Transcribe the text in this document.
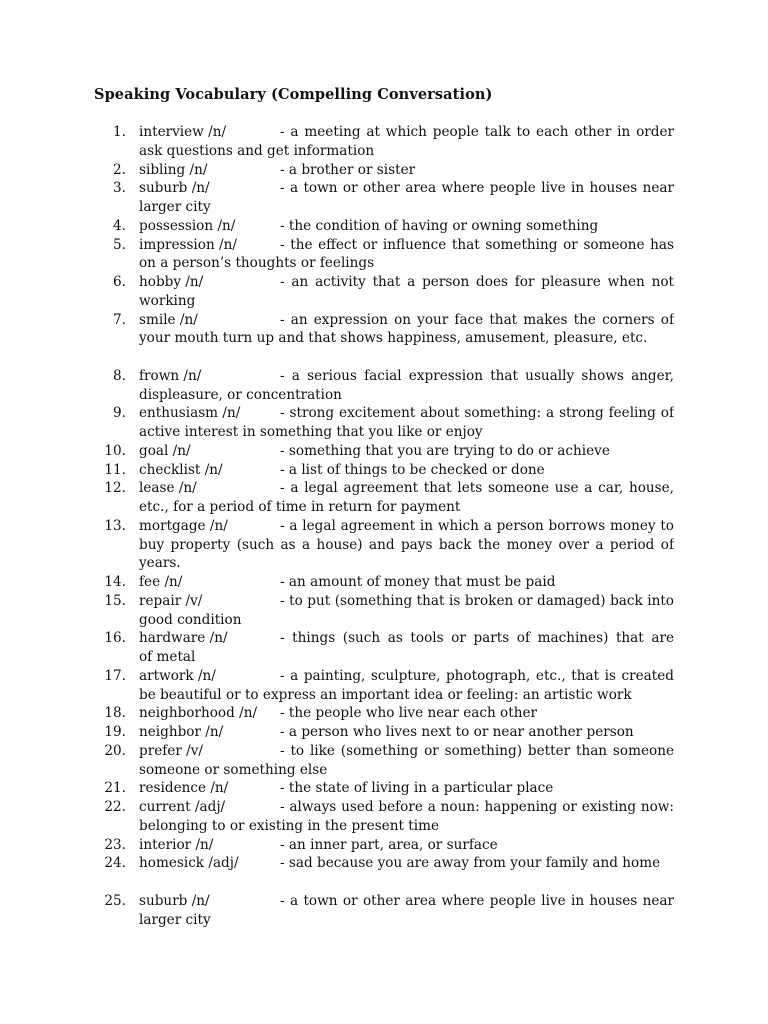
Speaking Vocabulary (Compelling Conversation)
1. interview /n/	- a meeting at which people talk to each other in order
ask questions and get information
2. sibling /n/	- a brother or sister
3. suburb /n/	- a town or other area where people live in houses near
larger city
4. possession /n/	- the condition of having or owning something
5. impression /n/	- the effect or influence that something or someone has
on a person’s thoughts or feelings
6. hobby /n/	- an activity that a person does for pleasure when not
working
7. smile /n/	- an expression on your face that makes the corners of
your mouth turn up and that shows happiness, amusement, pleasure, etc.
8. frown /n/	- a serious facial expression that usually shows anger,
displeasure, or concentration
9. enthusiasm /n/	- strong excitement about something: a strong feeling of
active interest in something that you like or enjoy
10. goal /n/	- something that you are trying to do or achieve
11. checklist /n/	- a list of things to be checked or done
12. lease /n/	- a legal agreement that lets someone use a car, house,
etc., for a period of time in return for payment
13. mortgage /n/	- a legal agreement in which a person borrows money to
buy property (such as a house) and pays back the money over a period of
years.
14. fee /n/	- an amount of money that must be paid
15. repair /v/	- to put (something that is broken or damaged) back into
good condition
16. hardware /n/	- things (such as tools or parts of machines) that are
of metal
17. artwork /n/	- a painting, sculpture, photograph, etc., that is created
be beautiful or to express an important idea or feeling: an artistic work
18. neighborhood /n/ - the people who live near each other
19. neighbor /n/	- a person who lives next to or near another person
20. prefer /v/	- to like (something or something) better than someone
someone or something else
21. residence /n/	- the state of living in a particular place
22. current /adj/	- always used before a noun: happening or existing now:
belonging to or existing in the present time
23. interior /n/	- an inner part, area, or surface
24. homesick /adj/	- sad because you are away from your family and home
25. suburb /n/	- a town or other area where people live in houses near
larger city
